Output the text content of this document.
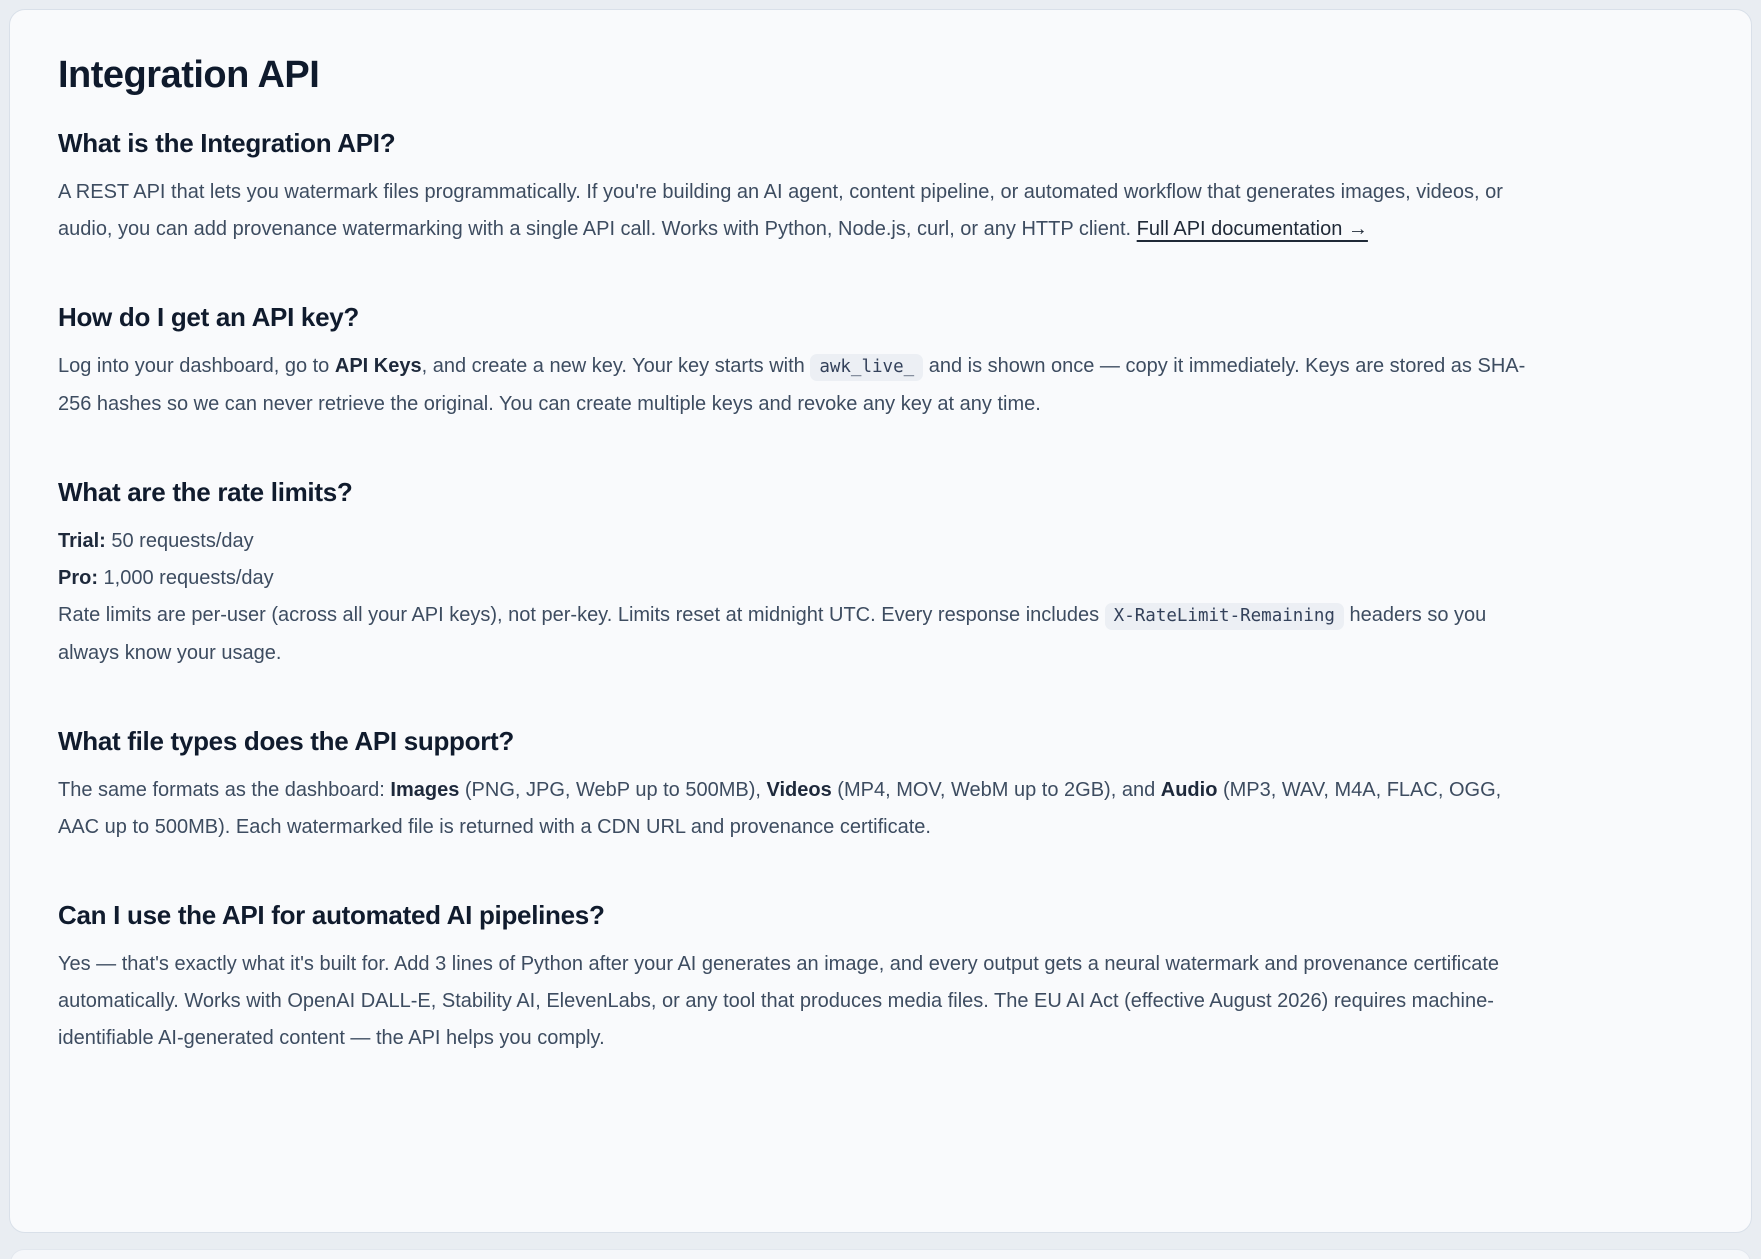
Integration API
What is the Integration API?

A REST API that lets you watermark files programmatically. If you're building an AI agent, content pipeline, or automated workflow that generates images, videos, or audio, you can add provenance watermarking with a single API call. Works with Python, Node.js, curl, or any HTTP client. Full API documentation →

How do I get an API key?

Log into your dashboard, go to API Keys, and create a new key. Your key starts with awk_live_ and is shown once — copy it immediately. Keys are stored as SHA-256 hashes so we can never retrieve the original. You can create multiple keys and revoke any key at any time.

What are the rate limits?

Trial: 50 requests/day
Pro: 1,000 requests/day
Rate limits are per-user (across all your API keys), not per-key. Limits reset at midnight UTC. Every response includes X-RateLimit-Remaining headers so you always know your usage.

What file types does the API support?

The same formats as the dashboard: Images (PNG, JPG, WebP up to 500MB), Videos (MP4, MOV, WebM up to 2GB), and Audio (MP3, WAV, M4A, FLAC, OGG, AAC up to 500MB). Each watermarked file is returned with a CDN URL and provenance certificate.

Can I use the API for automated AI pipelines?

Yes — that's exactly what it's built for. Add 3 lines of Python after your AI generates an image, and every output gets a neural watermark and provenance certificate automatically. Works with OpenAI DALL-E, Stability AI, ElevenLabs, or any tool that produces media files. The EU AI Act (effective August 2026) requires machine-identifiable AI-generated content — the API helps you comply.
